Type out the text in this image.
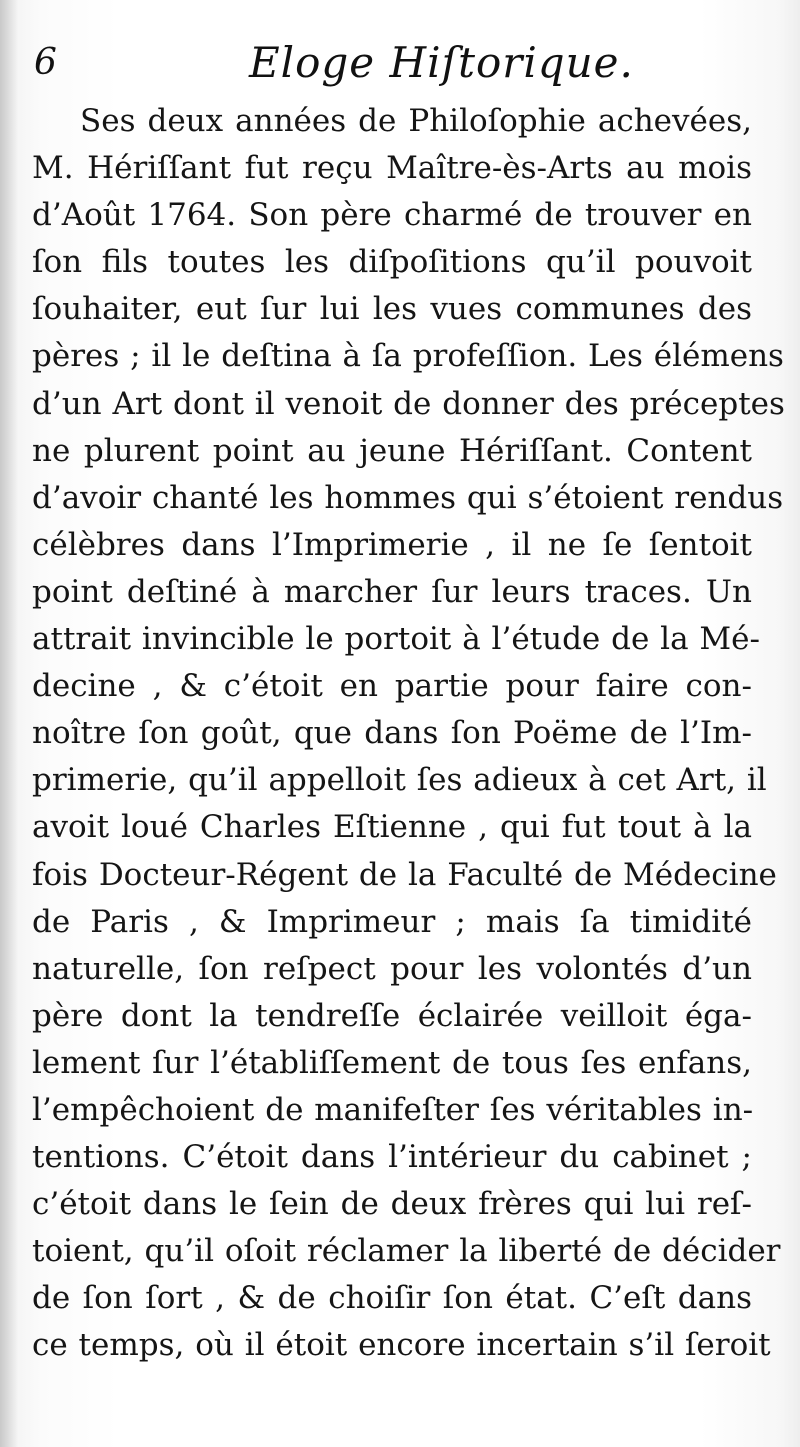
6	Eloge Hiſtorique.
Ses deux années de Philoſophie achevées,
M. Hériſſant fut reçu Maître-ès-Arts au mois
d’Août 1764. Son père charmé de trouver en
ſon fils toutes les diſpoſitions qu’il pouvoit
ſouhaiter, eut ſur lui les vues communes des
pères ; il le deſtina à ſa profeſſion. Les élémens
d’un Art dont il venoit de donner des préceptes
ne plurent point au jeune Hériſſant. Content
d’avoir chanté les hommes qui s’étoient rendus
célèbres dans l’Imprimerie , il ne ſe ſentoit
point deſtiné à marcher ſur leurs traces. Un
attrait invincible le portoit à l’étude de la Mé-
decine , & c’étoit en partie pour faire con-
noître ſon goût, que dans ſon Poëme de l’Im-
primerie, qu’il appelloit ſes adieux à cet Art, il
avoit loué Charles Eſtienne , qui fut tout à la
fois Docteur-Régent de la Faculté de Médecine
de Paris , & Imprimeur ; mais ſa timidité
naturelle, ſon reſpect pour les volontés d’un
père dont la tendreſſe éclairée veilloit éga-
lement ſur l’établiſſement de tous ſes enfans,
l’empêchoient de manifeſter ſes véritables in-
tentions. C’étoit dans l’intérieur du cabinet ;
c’étoit dans le ſein de deux frères qui lui reſ-
toient, qu’il oſoit réclamer la liberté de décider
de ſon ſort , & de choiſir ſon état. C’eſt dans
ce temps, où il étoit encore incertain s’il ſeroit
